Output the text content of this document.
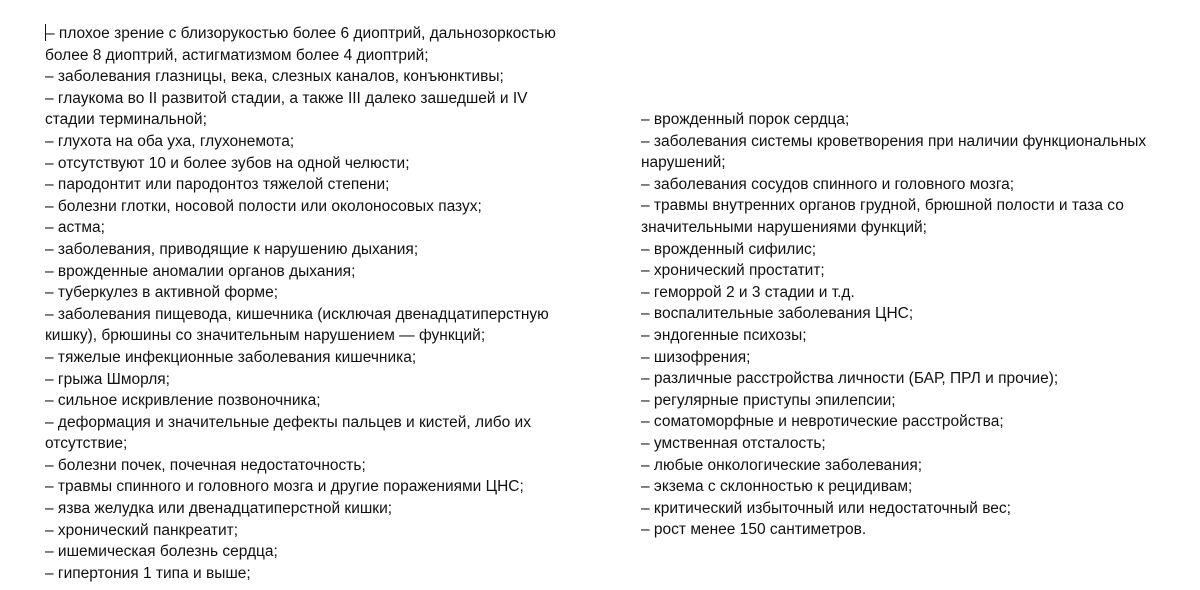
– плохое зрение с близорукостью более 6 диоптрий, дальнозоркостью
более 8 диоптрий, астигматизмом более 4 диоптрий;
– заболевания глазницы, века, слезных каналов, конъюнктивы;
– глаукома во II развитой стадии, а также III далеко зашедшей и IV
стадии терминальной;
– глухота на оба уха, глухонемота;
– отсутствуют 10 и более зубов на одной челюсти;
– пародонтит или пародонтоз тяжелой степени;
– болезни глотки, носовой полости или околоносовых пазух;
– астма;
– заболевания, приводящие к нарушению дыхания;
– врожденные аномалии органов дыхания;
– туберкулез в активной форме;
– заболевания пищевода, кишечника (исключая двенадцатиперстную
кишку), брюшины со значительным нарушением — функций;
– тяжелые инфекционные заболевания кишечника;
– грыжа Шморля;
– сильное искривление позвоночника;
– деформация и значительные дефекты пальцев и кистей, либо их
отсутствие;
– болезни почек, почечная недостаточность;
– травмы спинного и головного мозга и другие поражениями ЦНС;
– язва желудка или двенадцатиперстной кишки;
– хронический панкреатит;
– ишемическая болезнь сердца;
– гипертония 1 типа и выше;
– врожденный порок сердца;
– заболевания системы кроветворения при наличии функциональных
нарушений;
– заболевания сосудов спинного и головного мозга;
– травмы внутренних органов грудной, брюшной полости и таза со
значительными нарушениями функций;
– врожденный сифилис;
– хронический простатит;
– геморрой 2 и 3 стадии и т.д.
– воспалительные заболевания ЦНС;
– эндогенные психозы;
– шизофрения;
– различные расстройства личности (БАР, ПРЛ и прочие);
– регулярные приступы эпилепсии;
– соматоморфные и невротические расстройства;
– умственная отсталость;
– любые онкологические заболевания;
– экзема с склонностью к рецидивам;
– критический избыточный или недостаточный вес;
– рост менее 150 сантиметров.
